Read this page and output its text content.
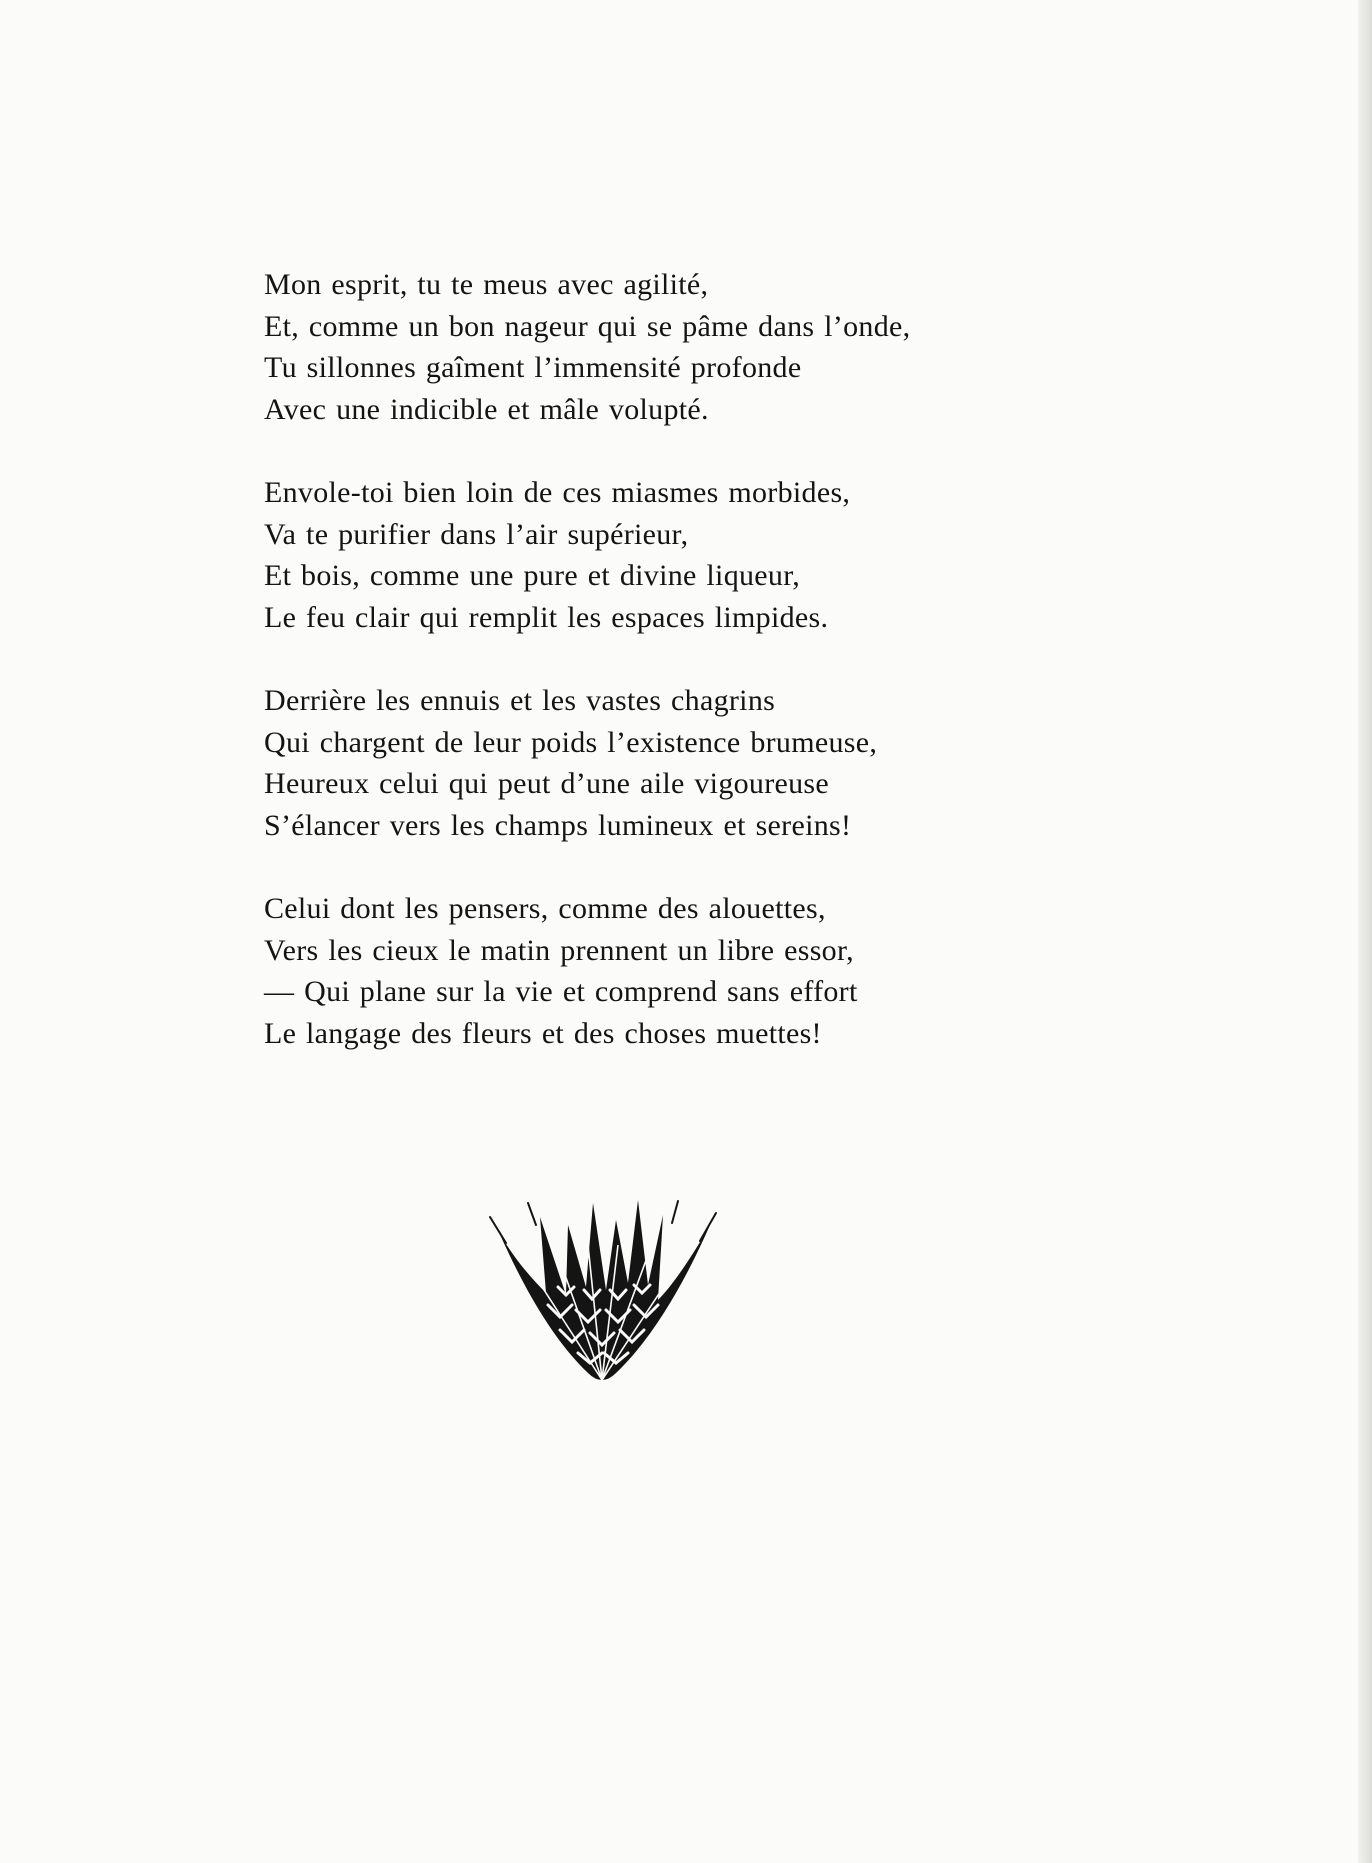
Mon esprit, tu te meus avec agilité,
Et, comme un bon nageur qui se pâme dans l’onde,
Tu sillonnes gaîment l’immensité profonde
Avec une indicible et mâle volupté.
Envole-toi bien loin de ces miasmes morbides,
Va te purifier dans l’air supérieur,
Et bois, comme une pure et divine liqueur,
Le feu clair qui remplit les espaces limpides.
Derrière les ennuis et les vastes chagrins
Qui chargent de leur poids l’existence brumeuse,
Heureux celui qui peut d’une aile vigoureuse
S’élancer vers les champs lumineux et sereins!
Celui dont les pensers, comme des alouettes,
Vers les cieux le matin prennent un libre essor,
— Qui plane sur la vie et comprend sans effort
Le langage des fleurs et des choses muettes!
